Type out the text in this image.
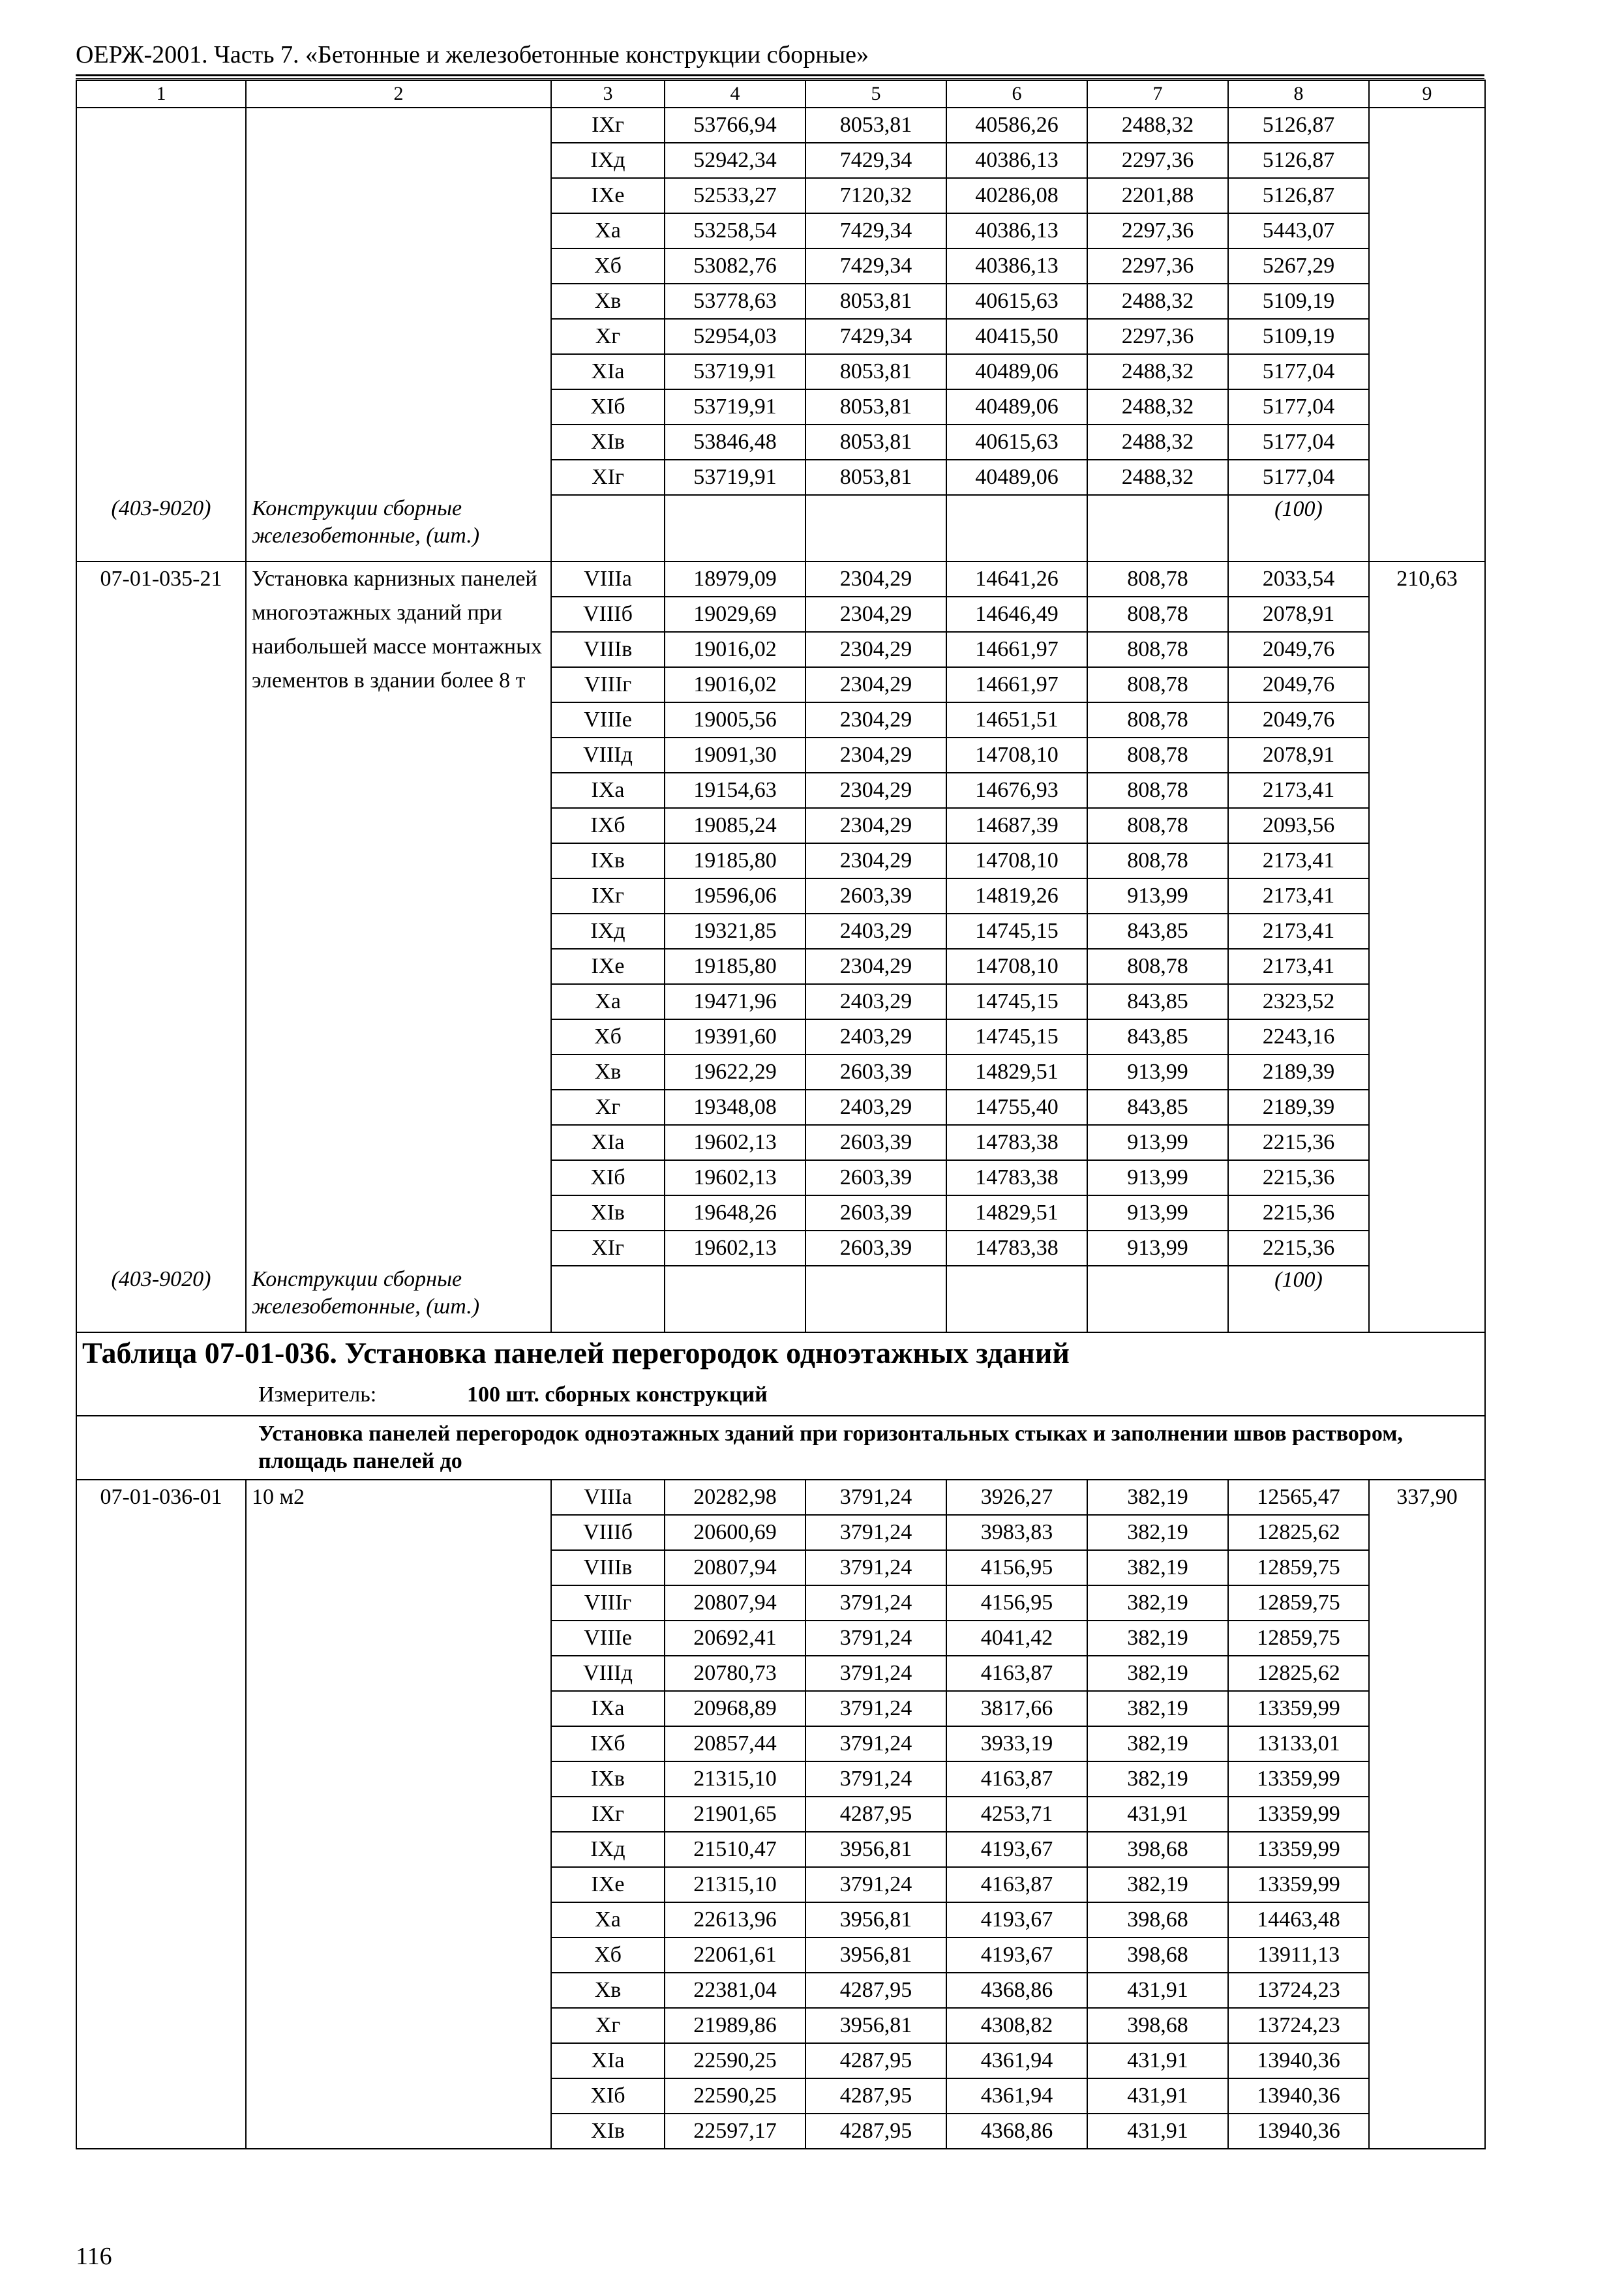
ОЕРЖ-2001. Часть 7. «Бетонные и железобетонные конструкции сборные»
1	2	3	4	5	6	7	8	9
		IXг	53766,94	8053,81	40586,26	2488,32	5126,87	
		IXд	52942,34	7429,34	40386,13	2297,36	5126,87	
		IXе	52533,27	7120,32	40286,08	2201,88	5126,87	
		Xа	53258,54	7429,34	40386,13	2297,36	5443,07	
		Xб	53082,76	7429,34	40386,13	2297,36	5267,29	
		Xв	53778,63	8053,81	40615,63	2488,32	5109,19	
		Xг	52954,03	7429,34	40415,50	2297,36	5109,19	
		XIа	53719,91	8053,81	40489,06	2488,32	5177,04	
		XIб	53719,91	8053,81	40489,06	2488,32	5177,04	
		XIв	53846,48	8053,81	40615,63	2488,32	5177,04	
		XIг	53719,91	8053,81	40489,06	2488,32	5177,04	
(403-9020)	Конструкции сборные железобетонные, (шт.)						(100)	
07-01-035-21	Установка карнизных панелей многоэтажных зданий при наибольшей массе монтажных элементов в здании более 8 т	VIIIа	18979,09	2304,29	14641,26	808,78	2033,54	210,63
		VIIIб	19029,69	2304,29	14646,49	808,78	2078,91	
		VIIIв	19016,02	2304,29	14661,97	808,78	2049,76	
		VIIIг	19016,02	2304,29	14661,97	808,78	2049,76	
		VIIIе	19005,56	2304,29	14651,51	808,78	2049,76	
		VIIIд	19091,30	2304,29	14708,10	808,78	2078,91	
		IXа	19154,63	2304,29	14676,93	808,78	2173,41	
		IXб	19085,24	2304,29	14687,39	808,78	2093,56	
		IXв	19185,80	2304,29	14708,10	808,78	2173,41	
		IXг	19596,06	2603,39	14819,26	913,99	2173,41	
		IXд	19321,85	2403,29	14745,15	843,85	2173,41	
		IXе	19185,80	2304,29	14708,10	808,78	2173,41	
		Xа	19471,96	2403,29	14745,15	843,85	2323,52	
		Xб	19391,60	2403,29	14745,15	843,85	2243,16	
		Xв	19622,29	2603,39	14829,51	913,99	2189,39	
		Xг	19348,08	2403,29	14755,40	843,85	2189,39	
		XIа	19602,13	2603,39	14783,38	913,99	2215,36	
		XIб	19602,13	2603,39	14783,38	913,99	2215,36	
		XIв	19648,26	2603,39	14829,51	913,99	2215,36	
		XIг	19602,13	2603,39	14783,38	913,99	2215,36	
(403-9020)	Конструкции сборные железобетонные, (шт.)						(100)	
Таблица 07-01-036. Установка панелей перегородок одноэтажных зданий								
Измеритель: 100 шт. сборных конструкций								

Установка панелей перегородок одноэтажных зданий при горизонтальных стыках и заполнении швов раствором, площадь панелей до								

07-01-036-01	10 м2	VIIIа	20282,98	3791,24	3926,27	382,19	12565,47	337,90
		VIIIб	20600,69	3791,24	3983,83	382,19	12825,62	
		VIIIв	20807,94	3791,24	4156,95	382,19	12859,75	
		VIIIг	20807,94	3791,24	4156,95	382,19	12859,75	
		VIIIе	20692,41	3791,24	4041,42	382,19	12859,75	
		VIIIд	20780,73	3791,24	4163,87	382,19	12825,62	
		IXа	20968,89	3791,24	3817,66	382,19	13359,99	
		IXб	20857,44	3791,24	3933,19	382,19	13133,01	
		IXв	21315,10	3791,24	4163,87	382,19	13359,99	
		IXг	21901,65	4287,95	4253,71	431,91	13359,99	
		IXд	21510,47	3956,81	4193,67	398,68	13359,99	
		IXе	21315,10	3791,24	4163,87	382,19	13359,99	
		Xа	22613,96	3956,81	4193,67	398,68	14463,48	
		Xб	22061,61	3956,81	4193,67	398,68	13911,13	
		Xв	22381,04	4287,95	4368,86	431,91	13724,23	
		Xг	21989,86	3956,81	4308,82	398,68	13724,23	
		XIа	22590,25	4287,95	4361,94	431,91	13940,36	
		XIб	22590,25	4287,95	4361,94	431,91	13940,36	
		XIв	22597,17	4287,95	4368,86	431,91	13940,36	
116
